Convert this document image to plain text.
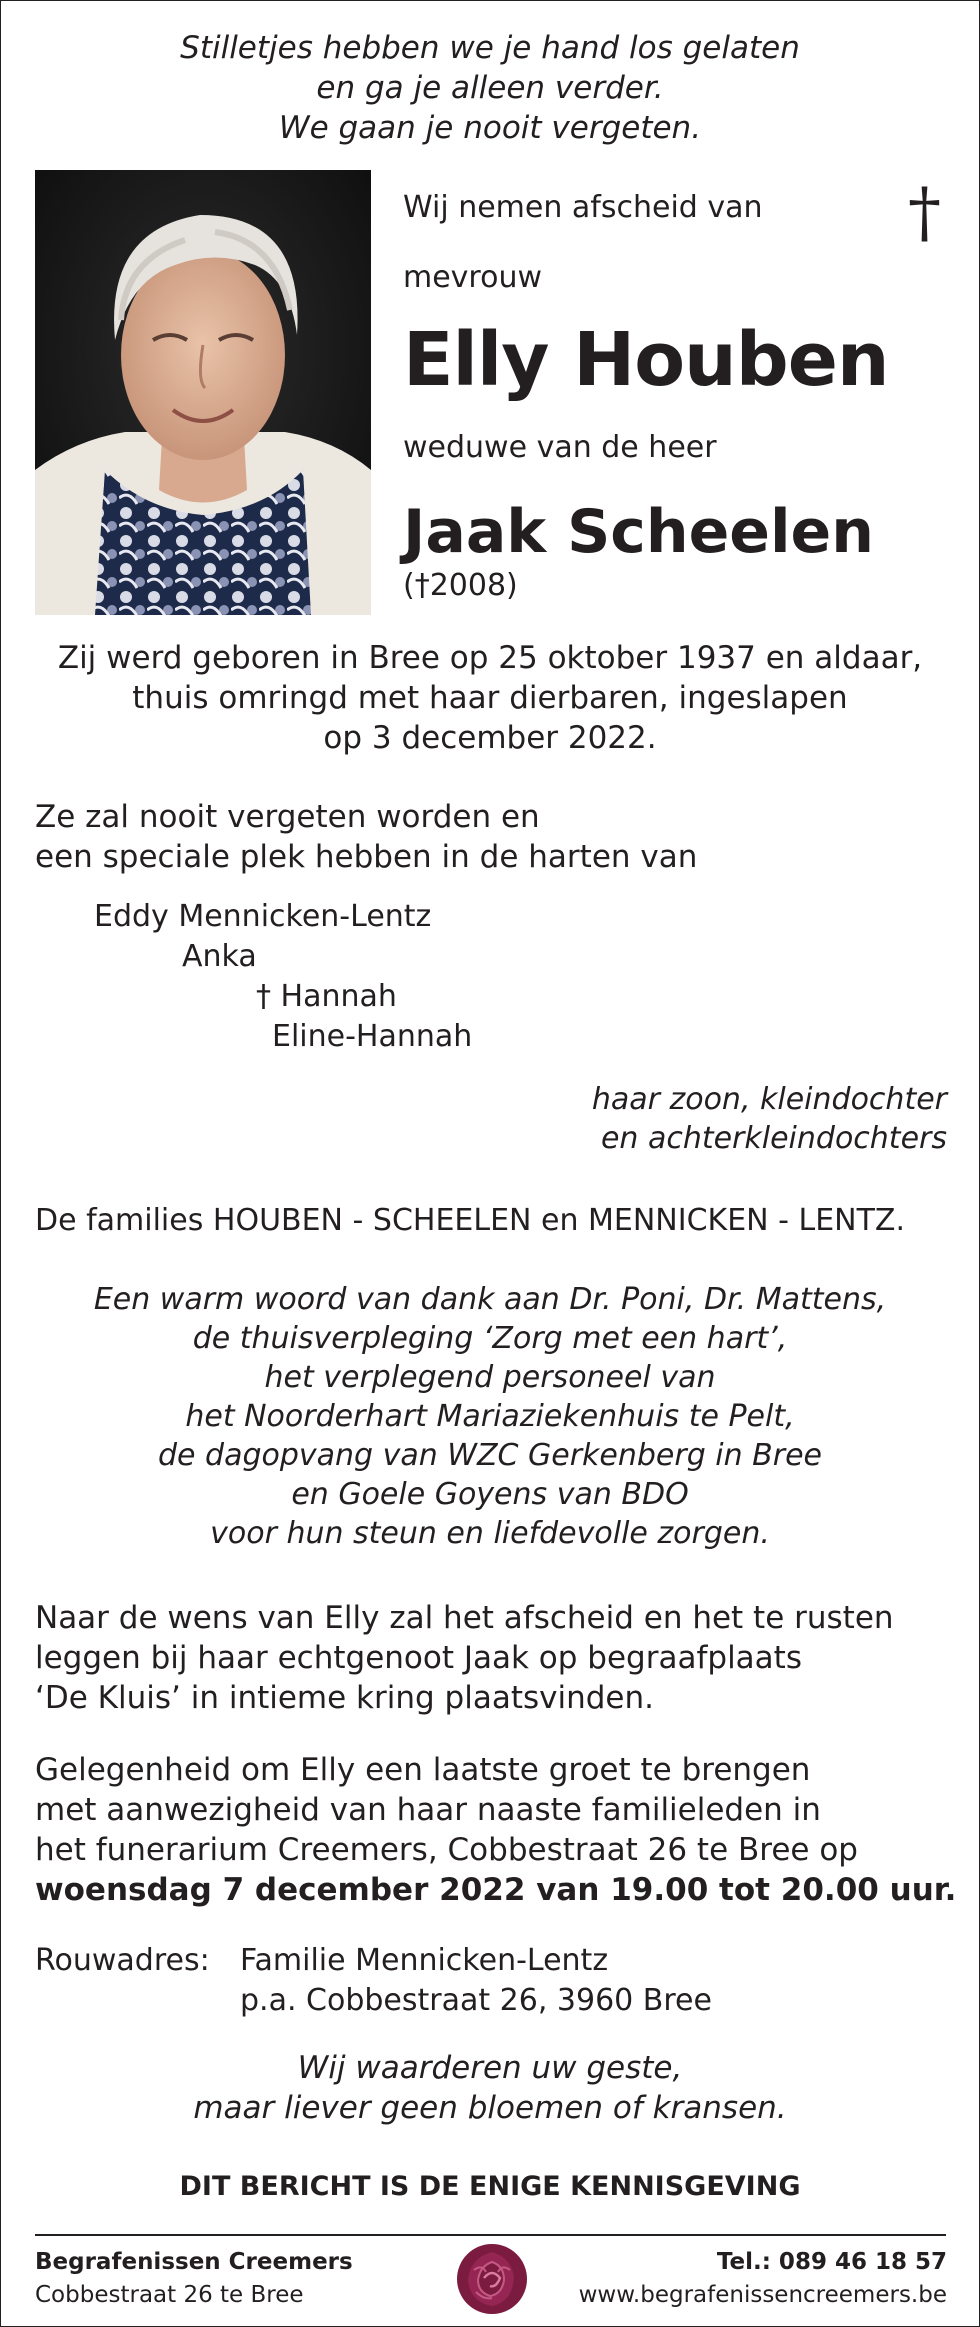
Stilletjes hebben we je hand los gelaten
en ga je alleen verder.
We gaan je nooit vergeten.
Wij nemen afscheid van †
mevrouw
Elly Houben
weduwe van de heer
Jaak Scheelen
(†2008)
Zij werd geboren in Bree op 25 oktober 1937 en aldaar,
thuis omringd met haar dierbaren, ingeslapen
op 3 december 2022.
Ze zal nooit vergeten worden en
een speciale plek hebben in de harten van
Eddy Mennicken-Lentz
Anka
† Hannah
Eline-Hannah
haar zoon, kleindochter
en achterkleindochters
De families HOUBEN - SCHEELEN en MENNICKEN - LENTZ.
Een warm woord van dank aan Dr. Poni, Dr. Mattens,
de thuisverpleging ‘Zorg met een hart’,
het verplegend personeel van
het Noorderhart Mariaziekenhuis te Pelt,
de dagopvang van WZC Gerkenberg in Bree
en Goele Goyens van BDO
voor hun steun en liefdevolle zorgen.
Naar de wens van Elly zal het afscheid en het te rusten
leggen bij haar echtgenoot Jaak op begraafplaats
‘De Kluis’ in intieme kring plaatsvinden.
Gelegenheid om Elly een laatste groet te brengen
met aanwezigheid van haar naaste familieleden in
het funerarium Creemers, Cobbestraat 26 te Bree op
woensdag 7 december 2022 van 19.00 tot 20.00 uur.
Rouwadres: Familie Mennicken-Lentz
p.a. Cobbestraat 26, 3960 Bree
Wij waarderen uw geste,
maar liever geen bloemen of kransen.
DIT BERICHT IS DE ENIGE KENNISGEVING
Begrafenissen Creemers
Cobbestraat 26 te Bree
Tel.: 089 46 18 57
www.begrafenissencreemers.be
